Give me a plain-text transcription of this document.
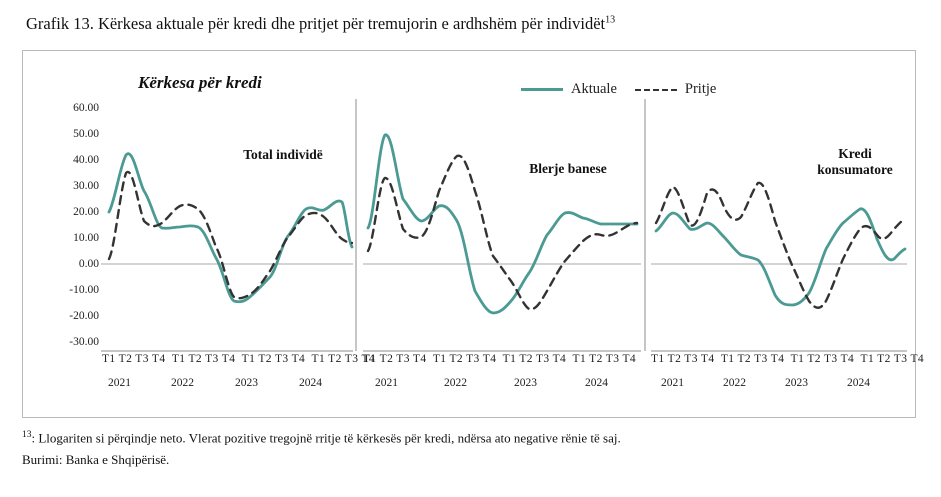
Grafik 13. Kërkesa aktuale për kredi dhe pritjet për tremujorin e ardhshëm për individët$^{13}$
Kërkesa për kredi	Aktuale	Pritje
Total individë
Blerje banese
Kredi
konsumatore
60.00
50.00
40.00
30.00
20.00
10.00
0.00
-10.00
-20.00
-30.00
T1 T2 T3 T4  T1 T2 T3 T4  T1 T2 T3 T4  T1 T2 T3 T4
T1 T2 T3 T4  T1 T2 T3 T4  T1 T2 T3 T4  T1 T2 T3 T4 T1 T2 T3 T4  T1 T2 T3 T4  T1 T2 T3 T4  T1 T2 T3 T4
2021	2022	2023	2024	2021	2022	2023	2024	2021	2022	2023	2024
$^{13}$: Llogariten si përqindje neto. Vlerat pozitive tregojnë rritje të kërkesës për kredi, ndërsa ato negative rënie të saj.
Burimi: Banka e Shqipërisë.
